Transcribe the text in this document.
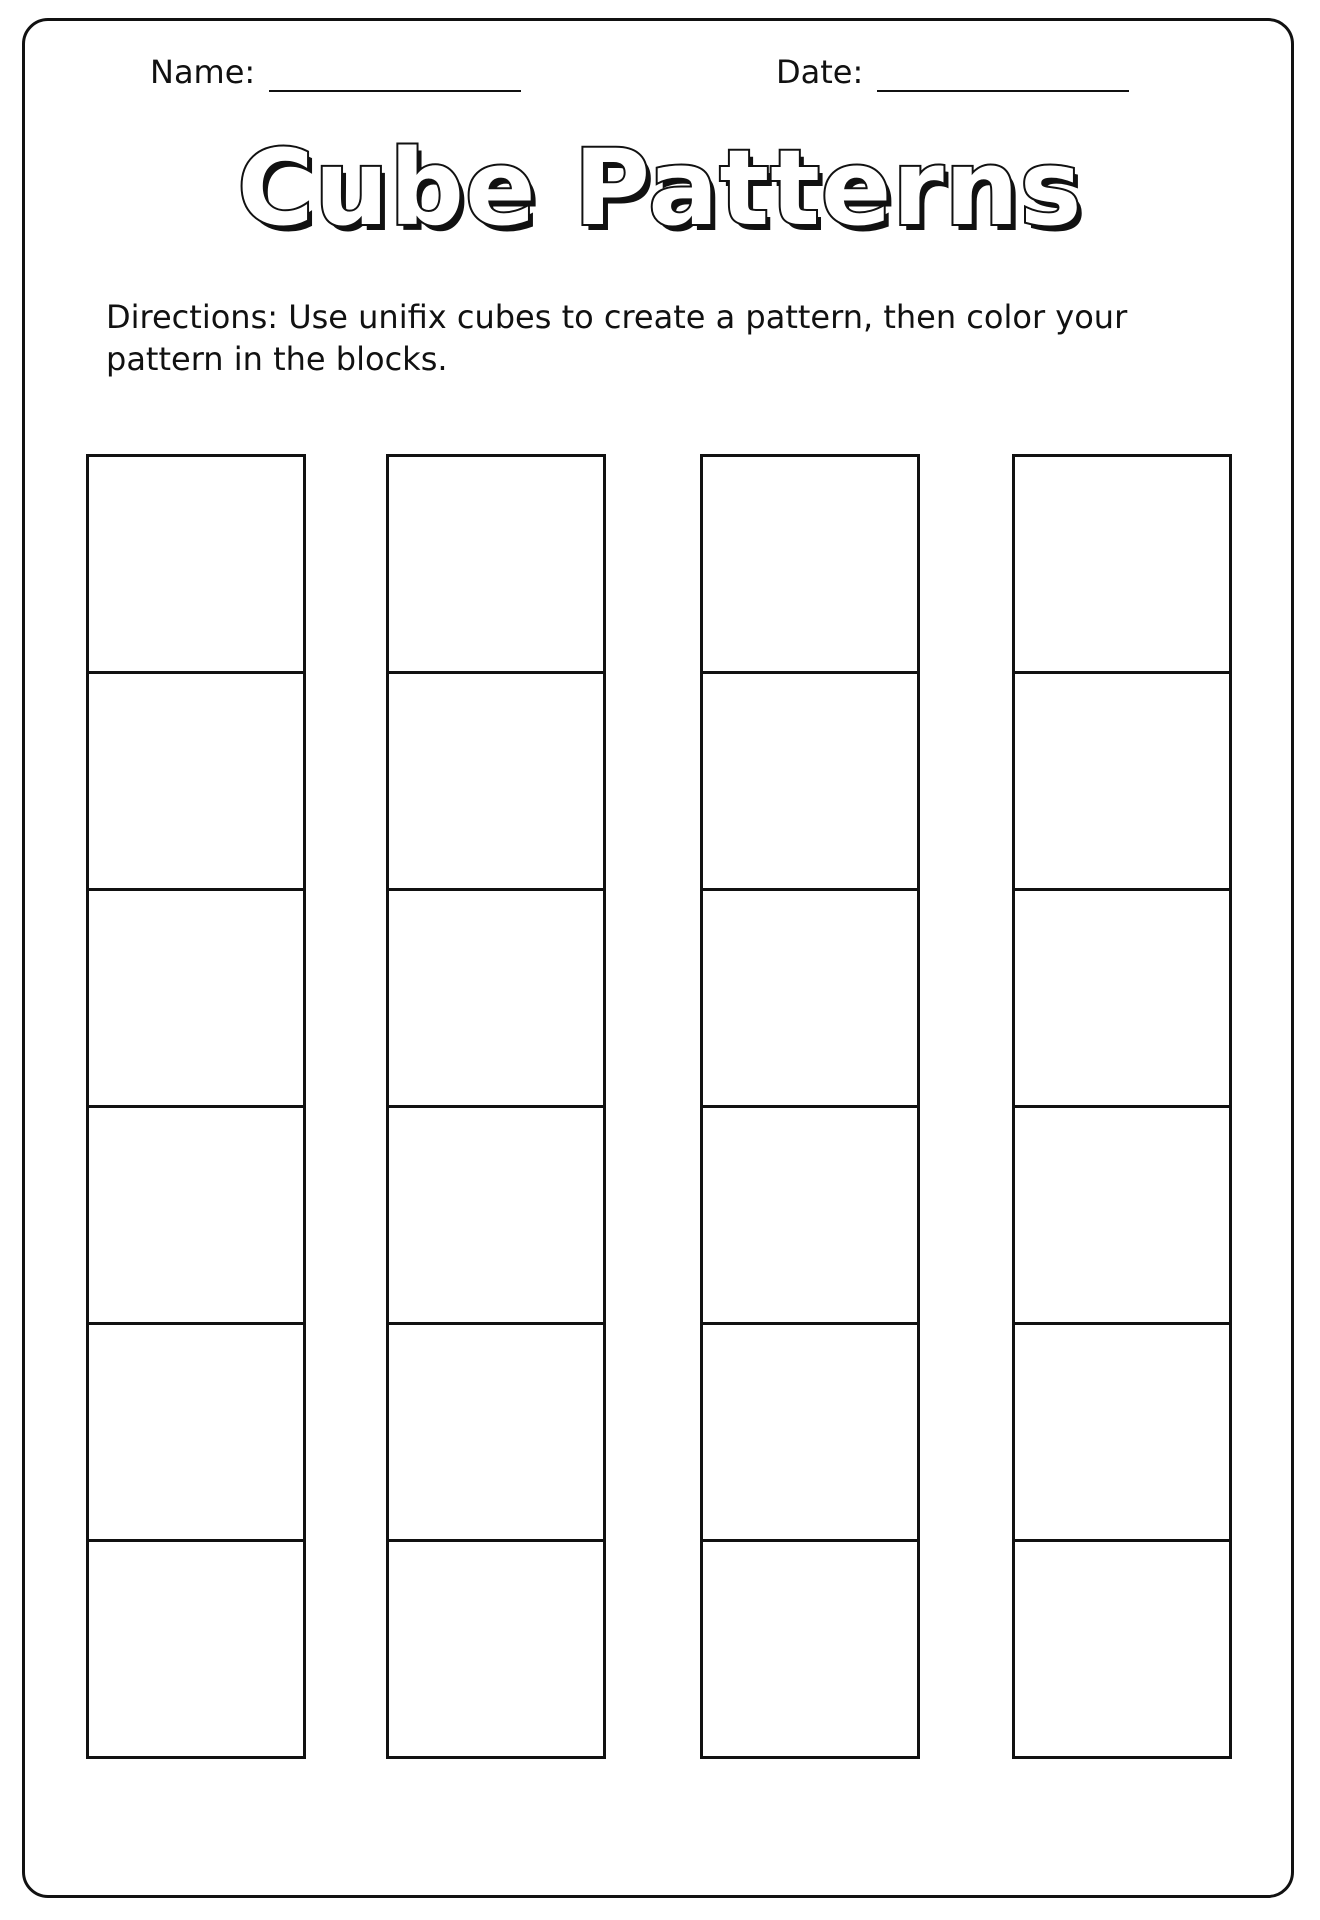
Name:	Date:
Cube Patterns
Directions: Use unifix cubes to create a pattern, then color your pattern in the blocks.
